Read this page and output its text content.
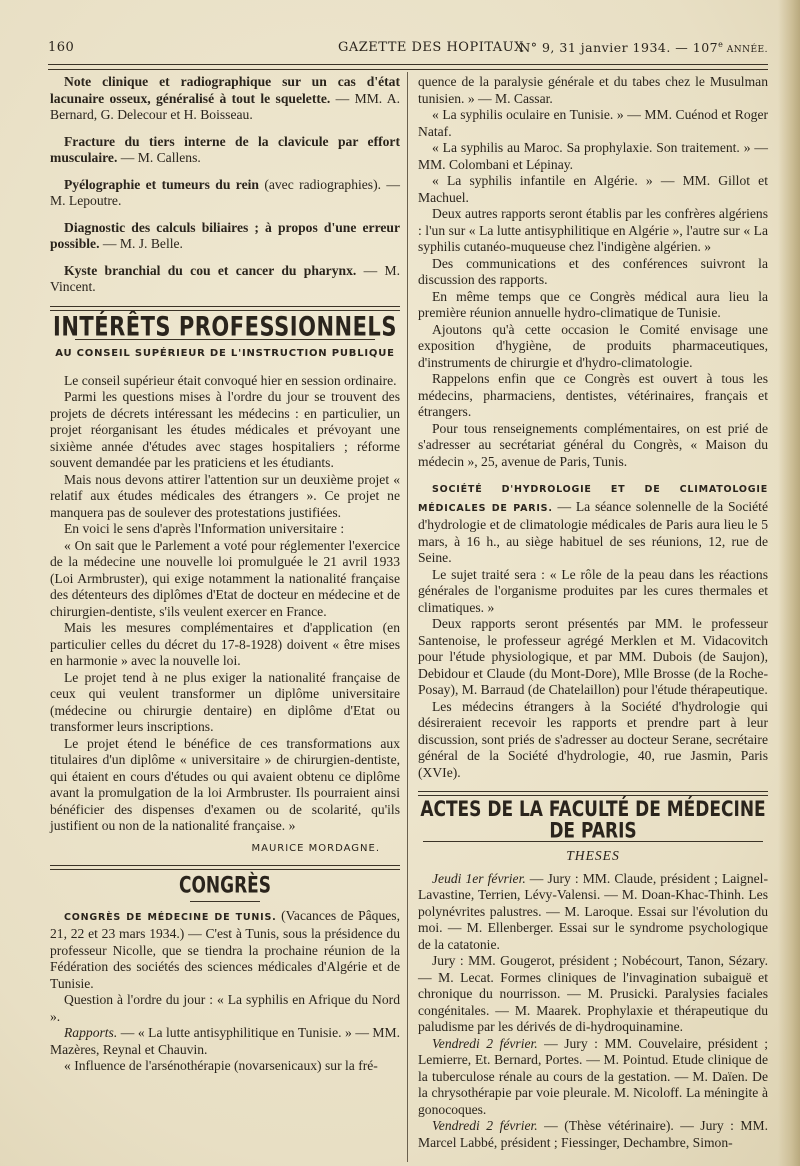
160	GAZETTE DES HOPITAUX
N° 9, 31 janvier 1934. — 107e ANNÉE.

Note clinique et radiographique sur un cas d'état lacunaire osseux, généralisé à tout le squelette. — MM. A. Bernard, G. Delecour et H. Boisseau.

Fracture du tiers interne de la clavicule par effort musculaire. — M. Callens.

Pyélographie et tumeurs du rein (avec radiographies). — M. Lepoutre.

Diagnostic des calculs biliaires ; à propos d'une erreur possible. — M. J. Belle.

Kyste branchial du cou et cancer du pharynx. — M. Vincent.

INTÉRÊTS PROFESSIONNELS
AU CONSEIL SUPÉRIEUR DE L'INSTRUCTION PUBLIQUE

Le conseil supérieur était convoqué hier en session ordinaire.

Parmi les questions mises à l'ordre du jour se trouvent des projets de décrets intéressant les médecins : en particulier, un projet réorganisant les études médicales et prévoyant une sixième année d'études avec stages hospitaliers ; réforme souvent demandée par les praticiens et les étudiants.

Mais nous devons attirer l'attention sur un deuxième projet « relatif aux études médicales des étrangers ». Ce projet ne manquera pas de soulever des protestations justifiées.

En voici le sens d'après l'Information universitaire :

« On sait que le Parlement a voté pour réglementer l'exercice de la médecine une nouvelle loi promulguée le 21 avril 1933 (Loi Armbruster), qui exige notamment la nationalité française des détenteurs des diplômes d'Etat de docteur en médecine et de chirurgien-dentiste, s'ils veulent exercer en France.

Mais les mesures complémentaires et d'application (en particulier celles du décret du 17-8-1928) doivent « être mises en harmonie » avec la nouvelle loi.

Le projet tend à ne plus exiger la nationalité française de ceux qui veulent transformer un diplôme universitaire (médecine ou chirurgie dentaire) en diplôme d'Etat ou transformer leurs inscriptions.

Le projet étend le bénéfice de ces transformations aux titulaires d'un diplôme « universitaire » de chirurgien-dentiste, qui étaient en cours d'études ou qui avaient obtenu ce diplôme avant la promulgation de la loi Armbruster. Ils pourraient ainsi bénéficier des dispenses d'examen ou de scolarité, qu'ils justifient ou non de la nationalité française. »

MAURICE MORDAGNE.
CONGRÈS

CONGRÈS DE MÉDECINE DE TUNIS. (Vacances de Pâques, 21, 22 et 23 mars 1934.) — C'est à Tunis, sous la présidence du professeur Nicolle, que se tiendra la prochaine réunion de la Fédération des sociétés des sciences médicales d'Algérie et de Tunisie.

Question à l'ordre du jour : « La syphilis en Afrique du Nord ».

Rapports. — « La lutte antisyphilitique en Tunisie. » — MM. Mazères, Reynal et Chauvin.

« Influence de l'arsénothérapie (novarsenicaux) sur la fré-

quence de la paralysie générale et du tabes chez le Musulman tunisien. » — M. Cassar.

« La syphilis oculaire en Tunisie. » — MM. Cuénod et Roger Nataf.

« La syphilis au Maroc. Sa prophylaxie. Son traitement. » — MM. Colombani et Lépinay.

« La syphilis infantile en Algérie. » — MM. Gillot et Machuel.

Deux autres rapports seront établis par les confrères algériens : l'un sur « La lutte antisyphilitique en Algérie », l'autre sur « La syphilis cutanéo-muqueuse chez l'indigène algérien. »

Des communications et des conférences suivront la discussion des rapports.

En même temps que ce Congrès médical aura lieu la première réunion annuelle hydro-climatique de Tunisie.

Ajoutons qu'à cette occasion le Comité envisage une exposition d'hygiène, de produits pharmaceutiques, d'instruments de chirurgie et d'hydro-climatologie.

Rappelons enfin que ce Congrès est ouvert à tous les médecins, pharmaciens, dentistes, vétérinaires, français et étrangers.

Pour tous renseignements complémentaires, on est prié de s'adresser au secrétariat général du Congrès, « Maison du médecin », 25, avenue de Paris, Tunis.

SOCIÉTÉ D'HYDROLOGIE ET DE CLIMATOLOGIE MÉDICALES DE PARIS. — La séance solennelle de la Société d'hydrologie et de climatologie médicales de Paris aura lieu le 5 mars, à 16 h., au siège habituel de ses réunions, 12, rue de Seine.

Le sujet traité sera : « Le rôle de la peau dans les réactions générales de l'organisme produites par les cures thermales et climatiques. »

Deux rapports seront présentés par MM. le professeur Santenoise, le professeur agrégé Merklen et M. Vidacovitch pour l'étude physiologique, et par MM. Dubois (de Saujon), Debidour et Claude (du Mont-Dore), Mlle Brosse (de la Roche-Posay), M. Barraud (de Chatelaillon) pour l'étude thérapeutique.

Les médecins étrangers à la Société d'hydrologie qui désireraient recevoir les rapports et prendre part à leur discussion, sont priés de s'adresser au docteur Serane, secrétaire général de la Société d'hydrologie, 40, rue Jasmin, Paris (XVIe).

ACTES DE LA FACULTÉ DE MÉDECINE DE PARIS
THESES

Jeudi 1er février. — Jury : MM. Claude, président ; Laignel-Lavastine, Terrien, Lévy-Valensi. — M. Doan-Khac-Thinh. Les polynévrites palustres. — M. Laroque. Essai sur l'évolution du moi. — M. Ellenberger. Essai sur le syndrome psychologique de la catatonie.

Jury : MM. Gougerot, président ; Nobécourt, Tanon, Sézary. — M. Lecat. Formes cliniques de l'invagination subaiguë et chronique du nourrisson. — M. Prusicki. Paralysies faciales congénitales. — M. Maarek. Prophylaxie et thérapeutique du paludisme par les dérivés de di-hydroquinamine.

Vendredi 2 février. — Jury : MM. Couvelaire, président ; Lemierre, Et. Bernard, Portes. — M. Pointud. Etude clinique de la tuberculose rénale au cours de la gestation. — M. Daïen. De la chrysothérapie par voie pleurale. M. Nicoloff. La méningite à gonocoques.

Vendredi 2 février. — (Thèse vétérinaire). — Jury : MM. Marcel Labbé, président ; Fiessinger, Dechambre, Simon-
